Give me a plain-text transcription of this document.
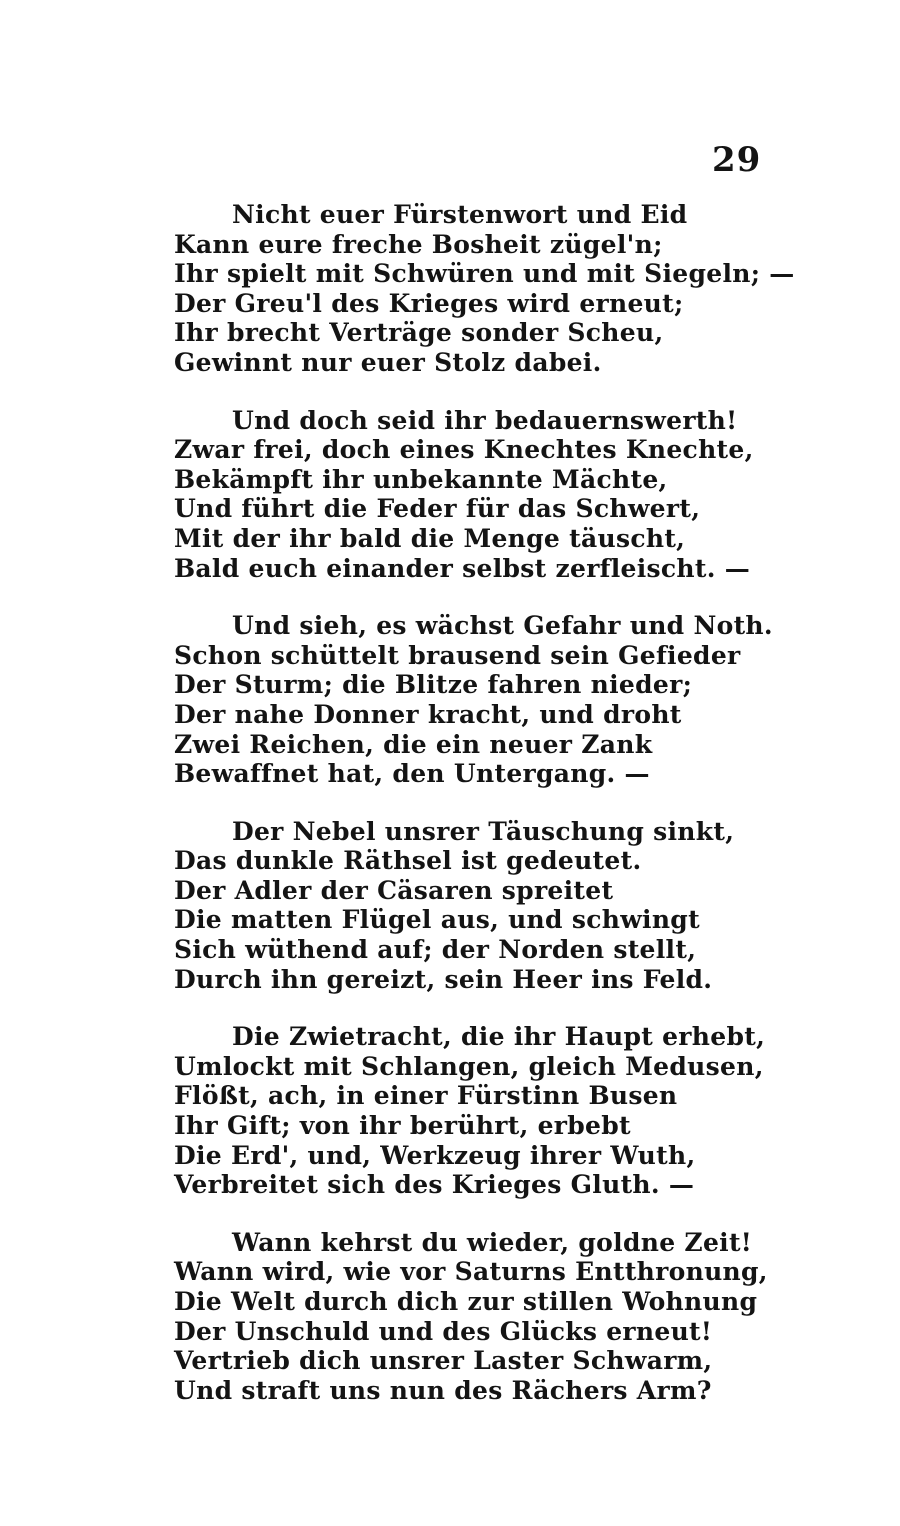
29
Nicht euer Fürstenwort und Eid
Kann eure freche Bosheit zügel'n;
Ihr spielt mit Schwüren und mit Siegeln; —
Der Greu'l des Krieges wird erneut;
Ihr brecht Verträge sonder Scheu,
Gewinnt nur euer Stolz dabei.
Und doch seid ihr bedauernswerth!
Zwar frei, doch eines Knechtes Knechte,
Bekämpft ihr unbekannte Mächte,
Und führt die Feder für das Schwert,
Mit der ihr bald die Menge täuscht,
Bald euch einander selbst zerfleischt. —
Und sieh, es wächst Gefahr und Noth.
Schon schüttelt brausend sein Gefieder
Der Sturm; die Blitze fahren nieder;
Der nahe Donner kracht, und droht
Zwei Reichen, die ein neuer Zank
Bewaffnet hat, den Untergang. —
Der Nebel unsrer Täuschung sinkt,
Das dunkle Räthsel ist gedeutet.
Der Adler der Cäsaren spreitet
Die matten Flügel aus, und schwingt
Sich wüthend auf; der Norden stellt,
Durch ihn gereizt, sein Heer ins Feld.
Die Zwietracht, die ihr Haupt erhebt,
Umlockt mit Schlangen, gleich Medusen,
Flößt, ach, in einer Fürstinn Busen
Ihr Gift; von ihr berührt, erbebt
Die Erd', und, Werkzeug ihrer Wuth,
Verbreitet sich des Krieges Gluth. —
Wann kehrst du wieder, goldne Zeit!
Wann wird, wie vor Saturns Entthronung,
Die Welt durch dich zur stillen Wohnung
Der Unschuld und des Glücks erneut!
Vertrieb dich unsrer Laster Schwarm,
Und straft uns nun des Rächers Arm?
